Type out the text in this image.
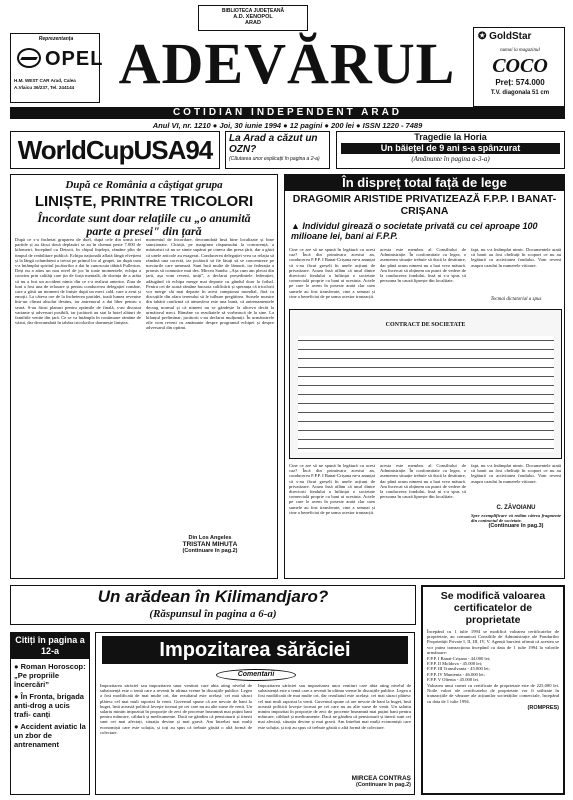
Reprezentanța
OPEL
H.M. WEST CAR Arad, Calea
A.Vlaicu 36/237, Tel. 244144
BIBLIOTECA JUDEȚEANĂ
A.D. XENOPOL
ARAD
ADEVĂRUL	✪ GoldStar
numai la magazinul
COCO
Preț: 574.000
T.V. diagonala 51 cm
COTIDIAN INDEPENDENT ARAD
Anul VI, nr. 1210 ● Joi, 30 iunie 1994 ● 12 pagini ● 200 lei ● ISSN 1220 - 7489
WorldCupUSA94	La Arad a căzut un OZN?
(Căutarea unor explicații în pagina a 2-a)
Tragedie la Horia
Un băiețel de 9 ani s-a spânzurat
(Amănunte în pagina a-3-a)
După ce România a câștigat grupa
LINIȘTE, PRINTRE TRICOLORI
Încordate sunt doar relațiile cu „o anumită parte a presei" din țară
După ce s-a încheiat gruparea de duel, după cele din urmă trei partide și au făcut două deplasări se au în chemat peste 7.000 de kilometri, începând cu Detroit, în chipul înțelept, rămâne plin de timpul de reabilitare publică. Echipa națională aflată lângă elvețieni și la lângă columbieni a trecut pe primul loc al grupei, iar după cum s-a întâmplat spiritul jucătorilor a dat în cunoscuta tăbărâ Fullerton. Deși nu a atins un nou nivel de joc în toate momentele, echipa a convins prin calități care țin de forța mentală, de dorința de a arăta că nu a fost un accident nimic din ce s-a realizat anterior. Ziua de luni a fost una de relaxare și pentru conducerea delegației române, care a găsit un moment de liniște după un meci cald, care a avut și emoții. La câteva ore de la încheierea partidei, toată lumea revenise într-un climat absolut destins, iar antrenorul a dat liber pentru o seară. S-au făcut planuri pentru optimile de finală, s-au discutat variante și adversari posibili, iar jucătorii au stat la hotel alături de familiile venite din țară. Ce se va întâmpla în continuare rămâne de văzut, dar deocamdată în tabăra tricolorilor domnește liniștea.
momentul de încordare, deocamdată însă bine localizate și bine sancționate. Chiriță, pe marginea răspunsului la concurență, a mărturisit că nu se simte supărat pe cineva din presa țării, dar a găsit că unele articole au exagerat. Conducerea delegației vrea ca relația să rămână una corectă, iar jucătorii să fie lăsați să se concentreze pe meciurile care urmează. Sunt încă multe de lămurit, iar federația a promis să comunice mai des. Mircea Sandu: „Așa cum am plecat din țară, așa vom reveni, uniți", a declarat președintele federației, adăugând că echipa merge mai departe cu gândul doar la fotbal. Pentru cei de acasă rămâne bucuria calificării și speranța că tricolorii vor merge cât mai departe în acest campionat mondial, fără ca discuțiile din afara terenului să le tulbure pregătirea. Sursele noastre din tabără confirmă că atmosfera este una bună, că antrenamentele decurg normal și că nimeni nu se gândește la altceva decât la următorul meci. Rămâne ca rezultatele să vorbească de la sine. La bilanțul preliminar, jucătorii s-au declarat mulțumiți. În următoarele zile vom reveni cu amănunte despre programul echipei și despre adversarul din optimi.
Din Los Angeles
TRISTAN MIHUȚA
(Continuare în pag.2)
În dispreț total față de lege
DRAGOMIR ARISTIDE PRIVATIZEAZĂ F.P.P. I BANAT-CRIȘANA
▲ Individul girează o societate privată cu cei aproape 100 milioane lei, bani ai F.P.P.
Cine ce are să ne spună în legătură cu acest caz? Încă din primăvara acestui an, conducerea F.P.P. I Banat-Crișana ne-a anunțat că s-au făcut greșeli în unele acțiuni de privatizare. Acum însă aflăm că unul dintre directorii fondului a înființat o societate comercială proprie cu bani ai acestuia. Actele pe care le avem în posesie arată clar cum sumele au fost transferate, cine a semnat și cine a beneficiat de pe urma acestor tranzacții.
acesta este membru al Consiliului de Administrație. În conformitate cu legea, o asemenea situație trebuie să ducă la destituire, dar până acum nimeni nu a luat vreo măsură. Am încercat să obținem un punct de vedere de la conducerea fondului, însă ni s-a spus că persoana în cauză lipsește din localitate.
fapt, nu s-a întâmplat nimic. Documentele arată că banii au fost cheltuiți în scopuri ce nu au legătură cu activitatea fondului. Vom reveni asupra cazului în numerele viitoare.
Tocmai dictatorial a spus
CONTRACT DE SOCIETATE
Cine ce are să ne spună în legătură cu acest caz? Încă din primăvara acestui an, conducerea F.P.P. I Banat-Crișana ne-a anunțat că s-au făcut greșeli în unele acțiuni de privatizare. Acum însă aflăm că unul dintre directorii fondului a înființat o societate comercială proprie cu bani ai acestuia. Actele pe care le avem în posesie arată clar cum sumele au fost transferate, cine a semnat și cine a beneficiat de pe urma acestor tranzacții.
acesta este membru al Consiliului de Administrație. În conformitate cu legea, o asemenea situație trebuie să ducă la destituire, dar până acum nimeni nu a luat vreo măsură. Am încercat să obținem un punct de vedere de la conducerea fondului, însă ni s-a spus că persoana în cauză lipsește din localitate.
fapt, nu s-a întâmplat nimic. Documentele arată că banii au fost cheltuiți în scopuri ce nu au legătură cu activitatea fondului. Vom reveni asupra cazului în numerele viitoare.
C. ZĂVOIANU
Spre exemplificare vă redăm câteva fragmente din contractul de societate.
(Continuare în pag.3)
Un arădean în Kilimandjaro?
(Răspunsul în pagina a 6-a)
Citiți în pagina a 12-a
● Roman Horoscop: „Pe propriile încercări”
● În Fronta, brigada anti-drog a ucis trafi- canți
● Accident aviatic la un zbor de antrenament
Impozitarea sărăciei
Comentarii
Impozitarea sărăciei sau impozitarea unor venituri care abia ating nivelul de subzistență este o temă care a revenit în ultima vreme în discuțiile publice. Legea a fost modificată de mai multe ori, dar rezultatul este același: cei mai săraci plătesc cel mai mult raportat la venit. Guvernul spune că are nevoie de bani la buget, însă această politică loveşte tocmai pe cei care nu au alte surse de venit. Un salariu minim impozitat în proporție de zeci de procente înseamnă mai puțini bani pentru mâncare, căldură și medicamente. Dacă ne gândim că pensionarii și tinerii sunt cei mai afectați, situația devine și mai gravă. Am întrebat mai mulți economiști care este soluția, și toți au spus că trebuie găsită o altă formă de colectare.
Impozitarea sărăciei sau impozitarea unor venituri care abia ating nivelul de subzistență este o temă care a revenit în ultima vreme în discuțiile publice. Legea a fost modificată de mai multe ori, dar rezultatul este același: cei mai săraci plătesc cel mai mult raportat la venit. Guvernul spune că are nevoie de bani la buget, însă această politică loveşte tocmai pe cei care nu au alte surse de venit. Un salariu minim impozitat în proporție de zeci de procente înseamnă mai puțini bani pentru mâncare, căldură și medicamente. Dacă ne gândim că pensionarii și tinerii sunt cei mai afectați, situația devine și mai gravă. Am întrebat mai mulți economiști care este soluția, și toți au spus că trebuie găsită o altă formă de colectare.
MIRCEA CONTRAȘ
(Continuare în pag.2)
Se modifică valoarea certificatelor de proprietate
Începând cu 1 iulie 1994 se modifică valoarea certificatelor de proprietate, au comunicat Consiliile de Administrație ale Fondurilor Proprietății Private I, II, III, IV, V. Agenții bursieri afirmă că acestea se vor putea tranzacționa începând cu data de 1 iulie 1994 la valorile următoare:
F.P.P. I Banat-Crișana - 44.000 lei;
F.P.P. II Moldova - 45.000 lei;
F.P.P. III Transilvania - 45.000 lei;
F.P.P. IV Muntenia - 46.000 lei;
F.P.P. V Oltenia - 45.000 lei.
Valoarea unui carnet cu certificate de proprietate este de 225.000 lei. Noile valori ale certificatelor de proprietate vor fi utilizate în tranzacțiile de vânzare ale acțiunilor societăților comerciale, începând cu data de 1 iulie 1994.
(ROMPRES)
